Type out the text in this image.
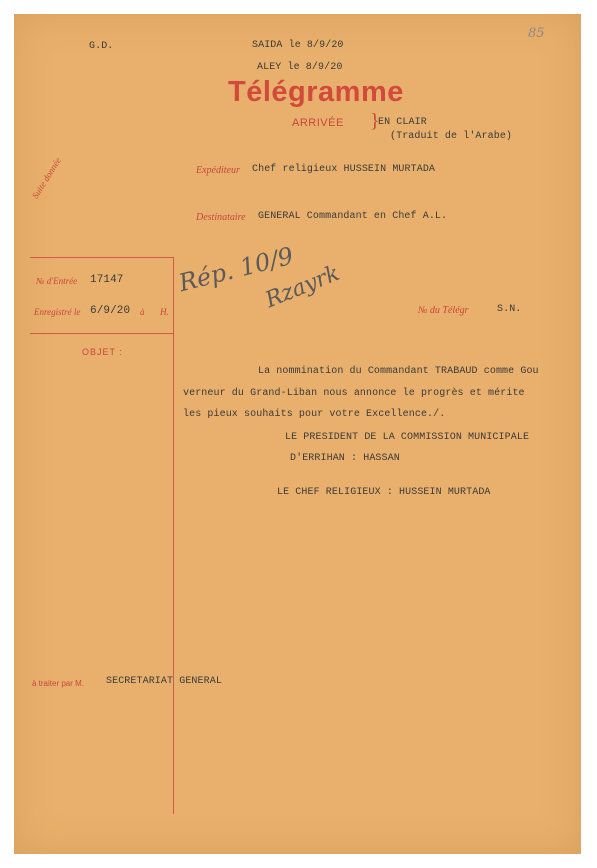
85
G.D.	SAIDA le 8/9/20
ALEY le 8/9/20
Télégramme
ARRIVÉE }
EN CLAIR
(Traduit de l'Arabe)
Suite donnée	Expéditeur Chef religieux HUSSEIN MURTADA
Destinataire GENERAL Commandant en Chef A.L.
№ d'Entrée 17147
Enregistré le 6/9/20 à H.
OBJET :
Rép. 10/9
Rzayrk	№ du Télégr	S.N.
La nommination du Commandant TRABAUD comme Gou
verneur du Grand-Liban nous annonce le progrès et mérite
les pieux souhaits pour votre Excellence./.
LE PRESIDENT DE LA COMMISSION MUNICIPALE
D'ERRIHAN : HASSAN
LE CHEF RELIGIEUX : HUSSEIN MURTADA
à traiter par M. SECRETARIAT GENERAL
